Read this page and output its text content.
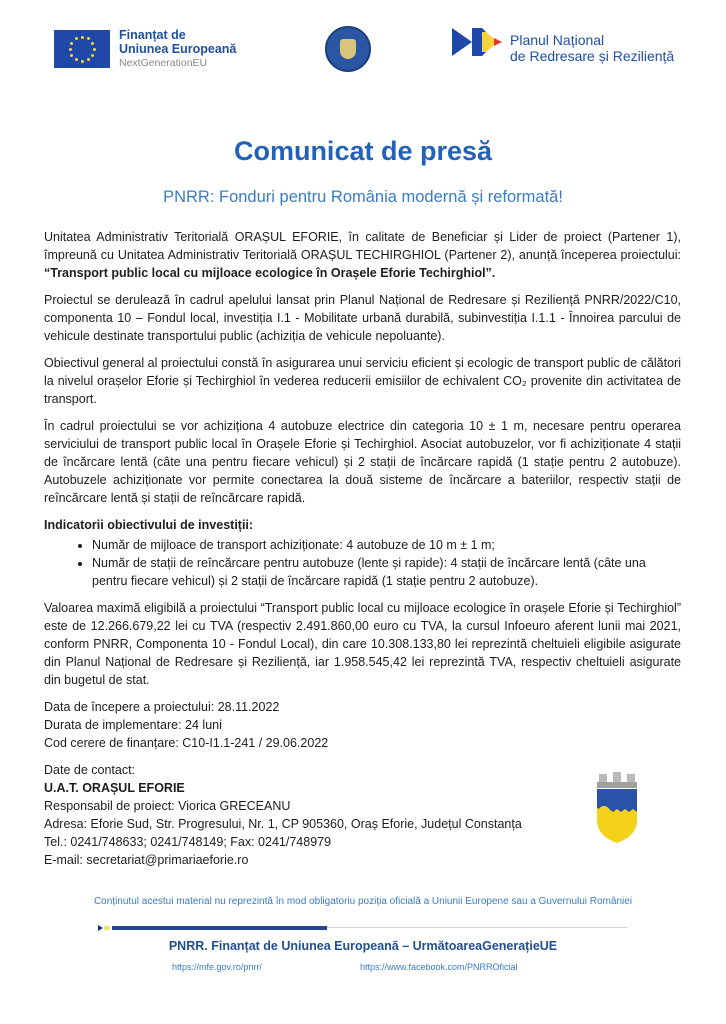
Finanțat de
Uniunea Europeană
NextGenerationEU
Planul Național
de Redresare și Reziliență
Comunicat de presă
PNRR: Fonduri pentru România modernă și reformată!

Unitatea Administrativ Teritorială ORAȘUL EFORIE, în calitate de Beneficiar și Lider de proiect (Partener 1), împreună cu Unitatea Administrativ Teritorială ORAȘUL TECHIRGHIOL (Partener 2), anunță începerea proiectului: “Transport public local cu mijloace ecologice în Orașele Eforie Techirghiol”.

Proiectul se derulează în cadrul apelului lansat prin Planul Național de Redresare și Reziliență PNRR/2022/C10, componenta 10 – Fondul local, investiția I.1 - Mobilitate urbană durabilă, subinvestiția I.1.1 - Înnoirea parcului de vehicule destinate transportului public (achiziția de vehicule nepoluante).

Obiectivul general al proiectului constă în asigurarea unui serviciu eficient și ecologic de transport public de călători la nivelul orașelor Eforie și Techirghiol în vederea reducerii emisiilor de echivalent CO₂ provenite din activitatea de transport.

În cadrul proiectului se vor achiziționa 4 autobuze electrice din categoria 10 ± 1 m, necesare pentru operarea serviciului de transport public local în Orașele Eforie și Techirghiol. Asociat autobuzelor, vor fi achiziționate 4 stații de încărcare lentă (câte una pentru fiecare vehicul) și 2 stații de încărcare rapidă (1 stație pentru 2 autobuze). Autobuzele achiziționate vor permite conectarea la două sisteme de încărcare a bateriilor, respectiv stații de reîncărcare lentă și stații de reîncărcare rapidă.

Indicatorii obiectivului de investiții:

• Număr de mijloace de transport achiziționate: 4 autobuze de 10 m ± 1 m;
• Număr de stații de reîncărcare pentru autobuze (lente și rapide): 4 stații de încărcare lentă (câte una pentru fiecare vehicul) și 2 stații de încărcare rapidă (1 stație pentru 2 autobuze).

Valoarea maximă eligibilă a proiectului “Transport public local cu mijloace ecologice în orașele Eforie și Techirghiol” este de 12.266.679,22 lei cu TVA (respectiv 2.491.860,00 euro cu TVA, la cursul Infoeuro aferent lunii mai 2021, conform PNRR, Componenta 10 - Fondul Local), din care 10.308.133,80 lei reprezintă cheltuieli eligibile asigurate din Planul Național de Redresare și Reziliență, iar 1.958.545,42 lei reprezintă TVA, respectiv cheltuieli asigurate din bugetul de stat.

Data de începere a proiectului: 28.11.2022
Durata de implementare: 24 luni
Cod cerere de finanțare: C10-I1.1-241 / 29.06.2022

Date de contact:
U.A.T. ORAȘUL EFORIE
Responsabil de proiect: Viorica GRECEANU
Adresa: Eforie Sud, Str. Progresului, Nr. 1, CP 905360, Oraș Eforie, Județul Constanța
Tel.: 0241/748633; 0241/748149; Fax: 0241/748979
E-mail: secretariat@primariaeforie.ro

Conținutul acestui material nu reprezintă în mod obligatoriu poziția oficială a Uniunii Europene sau a Guvernului României
PNRR. Finanțat de Uniunea Europeană – UrmătoareaGenerațieUE
https://mfe.gov.ro/pnrr/	https://www.facebook.com/PNRROficial
